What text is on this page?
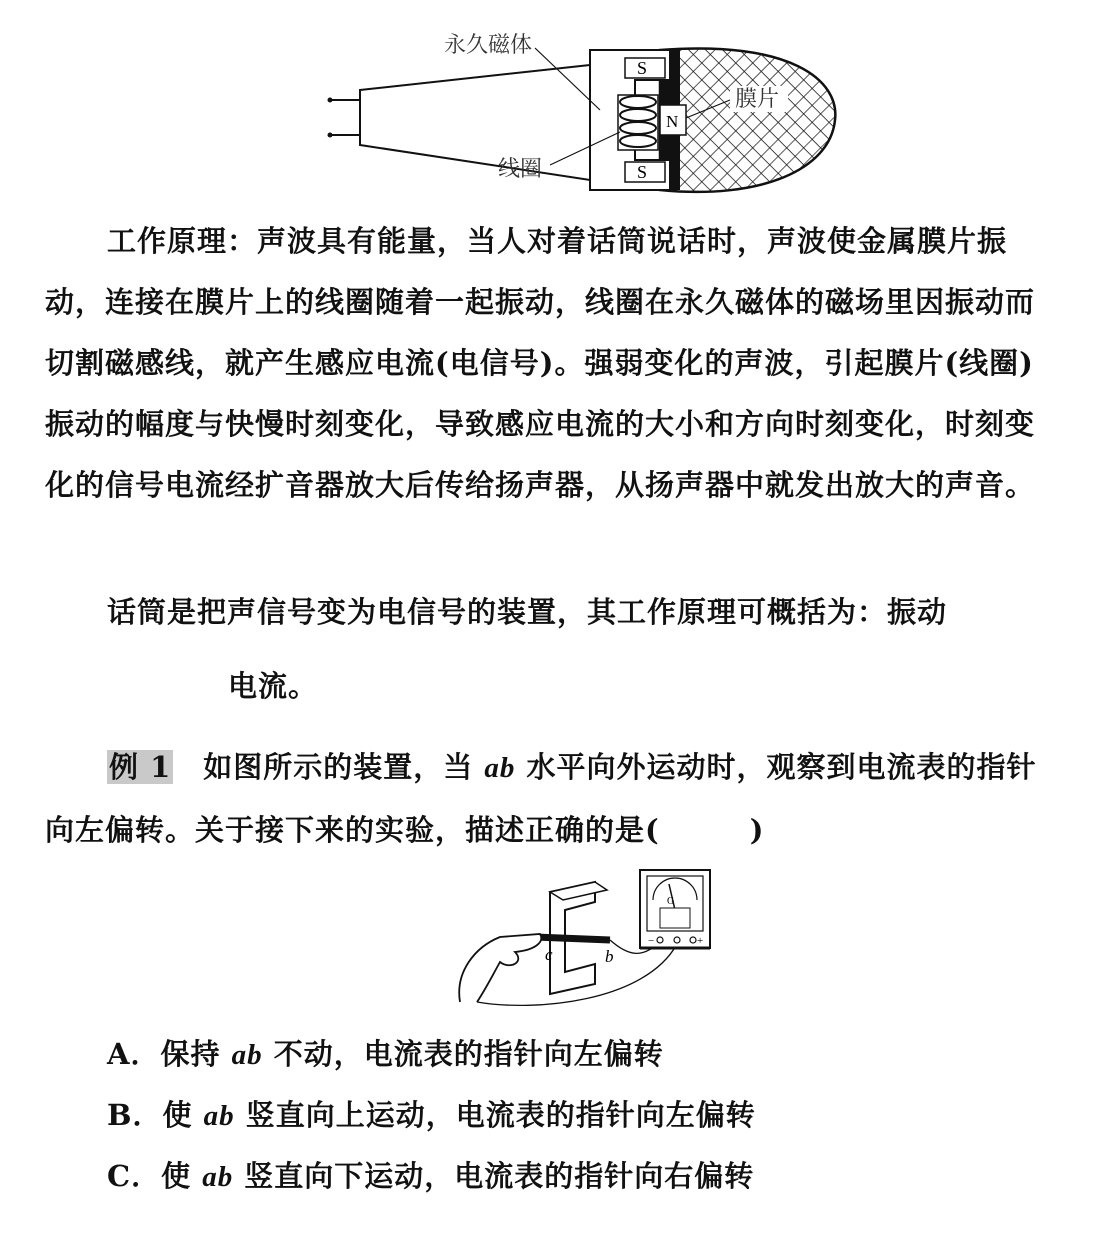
S
S
N
永久磁体
膜片
线圈
工作原理：声波具有能量，当人对着话筒说话时，声波使金属膜片振动，连接在膜片上的线圈随着一起振动，线圈在永久磁体的磁场里因振动而切割磁感线，就产生感应电流(电信号)。强弱变化的声波，引起膜片(线圈)振动的幅度与快慢时刻变化，导致感应电流的大小和方向时刻变化，时刻变化的信号电流经扩音器放大后传给扬声器，从扬声器中就发出放大的声音。
话筒是把声信号变为电信号的装置，其工作原理可概括为：振动
电流。
例 1　 如图所示的装置，当 ab 水平向外运动时，观察到电流表的指针
向左偏转。关于接下来的实验，描述正确的是(　　　)
c	b
G
−	+
A．保持 ab 不动，电流表的指针向左偏转
B．使 ab 竖直向上运动，电流表的指针向左偏转
C．使 ab 竖直向下运动，电流表的指针向右偏转
